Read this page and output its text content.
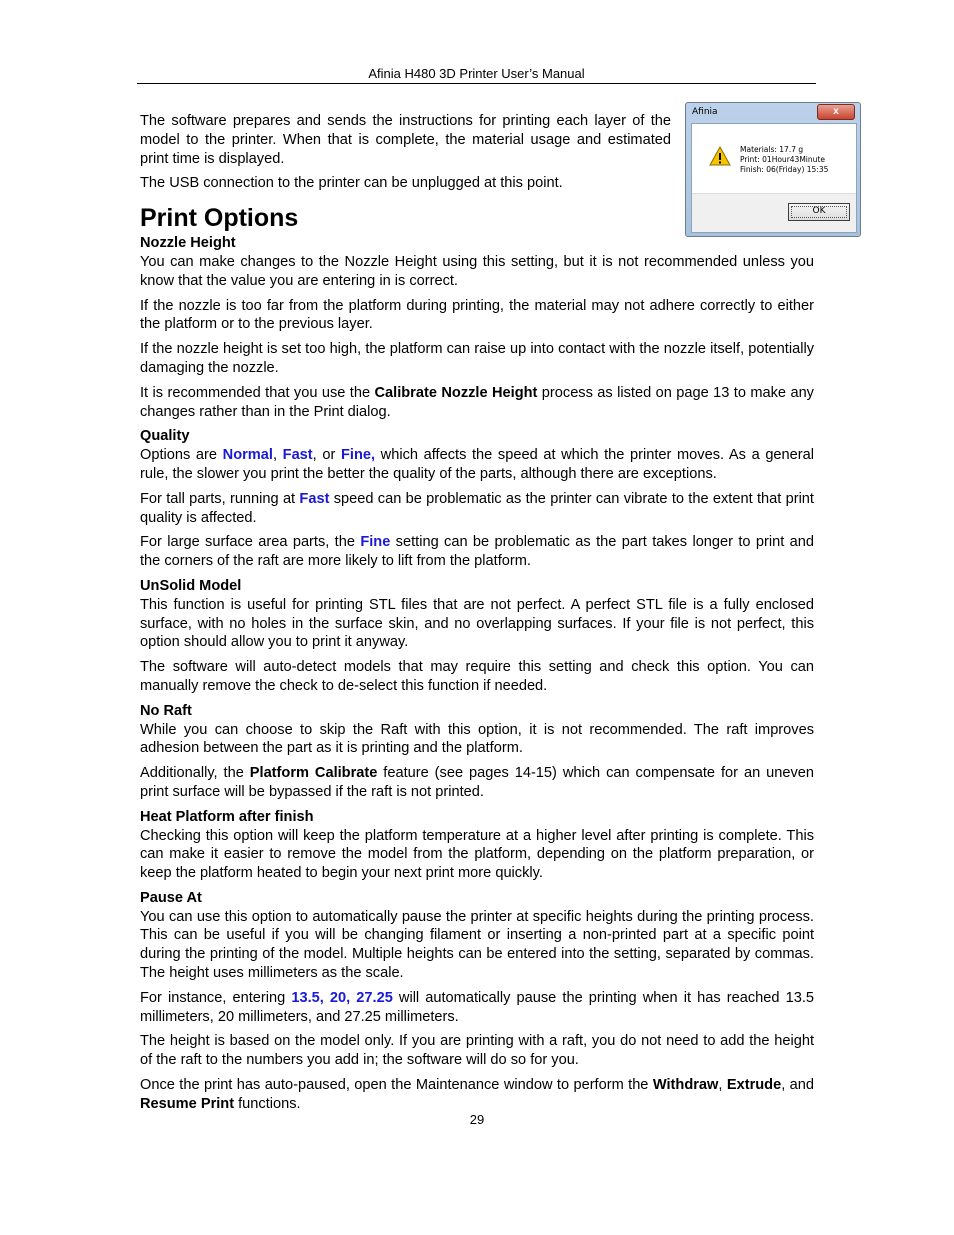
Afinia H480 3D Printer User’s Manual
Afinia	x
Materials: 17.7 g
Print: 01Hour43Minute
Finish: 06(Friday) 15:35
OK

The software prepares and sends the instructions for printing each layer of the model to the printer. When that is complete, the material usage and estimated print time is displayed.

The USB connection to the printer can be unplugged at this point.

Print Options
Nozzle Height

You can make changes to the Nozzle Height using this setting, but it is not recommended unless you know that the value you are entering in is correct.

If the nozzle is too far from the platform during printing, the material may not adhere correctly to either the platform or to the previous layer.

If the nozzle height is set too high, the platform can raise up into contact with the nozzle itself, potentially damaging the nozzle.

It is recommended that you use the Calibrate Nozzle Height process as listed on page 13 to make any changes rather than in the Print dialog.

Quality

Options are Normal, Fast, or Fine, which affects the speed at which the printer moves. As a general rule, the slower you print the better the quality of the parts, although there are exceptions.

For tall parts, running at Fast speed can be problematic as the printer can vibrate to the extent that print quality is affected.

For large surface area parts, the Fine setting can be problematic as the part takes longer to print and the corners of the raft are more likely to lift from the platform.

UnSolid Model

This function is useful for printing STL files that are not perfect. A perfect STL file is a fully enclosed surface, with no holes in the surface skin, and no overlapping surfaces. If your file is not perfect, this option should allow you to print it anyway.

The software will auto-detect models that may require this setting and check this option. You can manually remove the check to de-select this function if needed.

No Raft

While you can choose to skip the Raft with this option, it is not recommended. The raft improves adhesion between the part as it is printing and the platform.

Additionally, the Platform Calibrate feature (see pages 14-15) which can compensate for an uneven print surface will be bypassed if the raft is not printed.

Heat Platform after finish

Checking this option will keep the platform temperature at a higher level after printing is complete. This can make it easier to remove the model from the platform, depending on the platform preparation, or keep the platform heated to begin your next print more quickly.

Pause At

You can use this option to automatically pause the printer at specific heights during the printing process. This can be useful if you will be changing filament or inserting a non-printed part at a specific point during the printing of the model. Multiple heights can be entered into the setting, separated by commas. The height uses millimeters as the scale.

For instance, entering 13.5, 20, 27.25 will automatically pause the printing when it has reached 13.5 millimeters, 20 millimeters, and 27.25 millimeters.

The height is based on the model only. If you are printing with a raft, you do not need to add the height of the raft to the numbers you add in; the software will do so for you.

Once the print has auto-paused, open the Maintenance window to perform the Withdraw, Extrude, and Resume Print functions.

29
